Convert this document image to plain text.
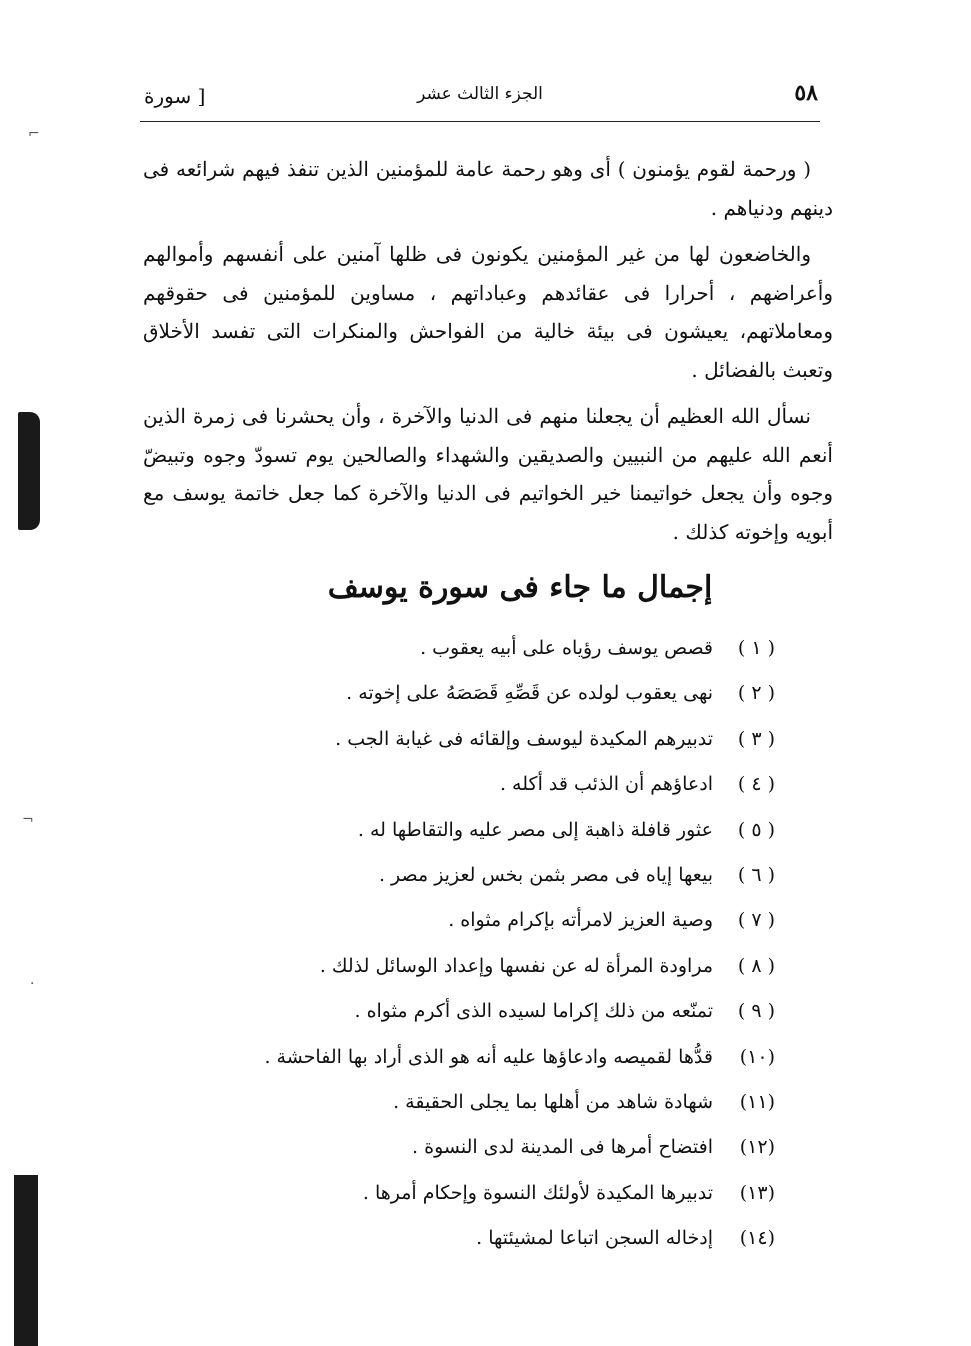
⌐
¬
·
٥٨
الجزء الثالث عشر
[ سورة

( ورحمة لقوم يؤمنون ) أى وهو رحمة عامة للمؤمنين الذين تنفذ فيهم شرائعه فى دينهم ودنياهم .

والخاضعون لها من غير المؤمنين يكونون فى ظلها آمنين على أنفسهم وأموالهم وأعراضهم ، أحرارا فى عقائدهم وعباداتهم ، مساوين للمؤمنين فى حقوقهم ومعاملاتهم، يعيشون فى بيئة خالية من الفواحش والمنكرات التى تفسد الأخلاق وتعبث بالفضائل .

نسأل الله العظيم أن يجعلنا منهم فى الدنيا والآخرة ، وأن يحشرنا فى زمرة الذين أنعم الله عليهم من النبيين والصديقين والشهداء والصالحين يوم تسودّ وجوه وتبيضّ وجوه وأن يجعل خواتيمنا خير الخواتيم فى الدنيا والآخرة كما جعل خاتمة يوسف مع أبويه وإخوته كذلك .

إجمال ما جاء فى سورة يوسف
( ١ )قصص يوسف رؤياه على أبيه يعقوب .
( ٢ )نهى يعقوب لولده عن قَصِّهِ قَصَصَهُ على إخوته .
( ٣ )تدبيرهم المكيدة ليوسف وإلقائه فى غيابة الجب .
( ٤ )ادعاؤهم أن الذئب قد أكله .
( ٥ )عثور قافلة ذاهبة إلى مصر عليه والتقاطها له .
( ٦ )بيعها إياه فى مصر بثمن بخس لعزيز مصر .
( ٧ )وصية العزيز لامرأته بإكرام مثواه .
( ٨ )مراودة المرأة له عن نفسها وإعداد الوسائل لذلك .
( ٩ )تمنّعه من ذلك إكراما لسيده الذى أكرم مثواه .
(١٠)قدُّها لقميصه وادعاؤها عليه أنه هو الذى أراد بها الفاحشة .
(١١)شهادة شاهد من أهلها بما يجلى الحقيقة .
(١٢)افتضاح أمرها فى المدينة لدى النسوة .
(١٣)تدبيرها المكيدة لأولئك النسوة وإحكام أمرها .
(١٤)إدخاله السجن اتباعا لمشيئتها .
